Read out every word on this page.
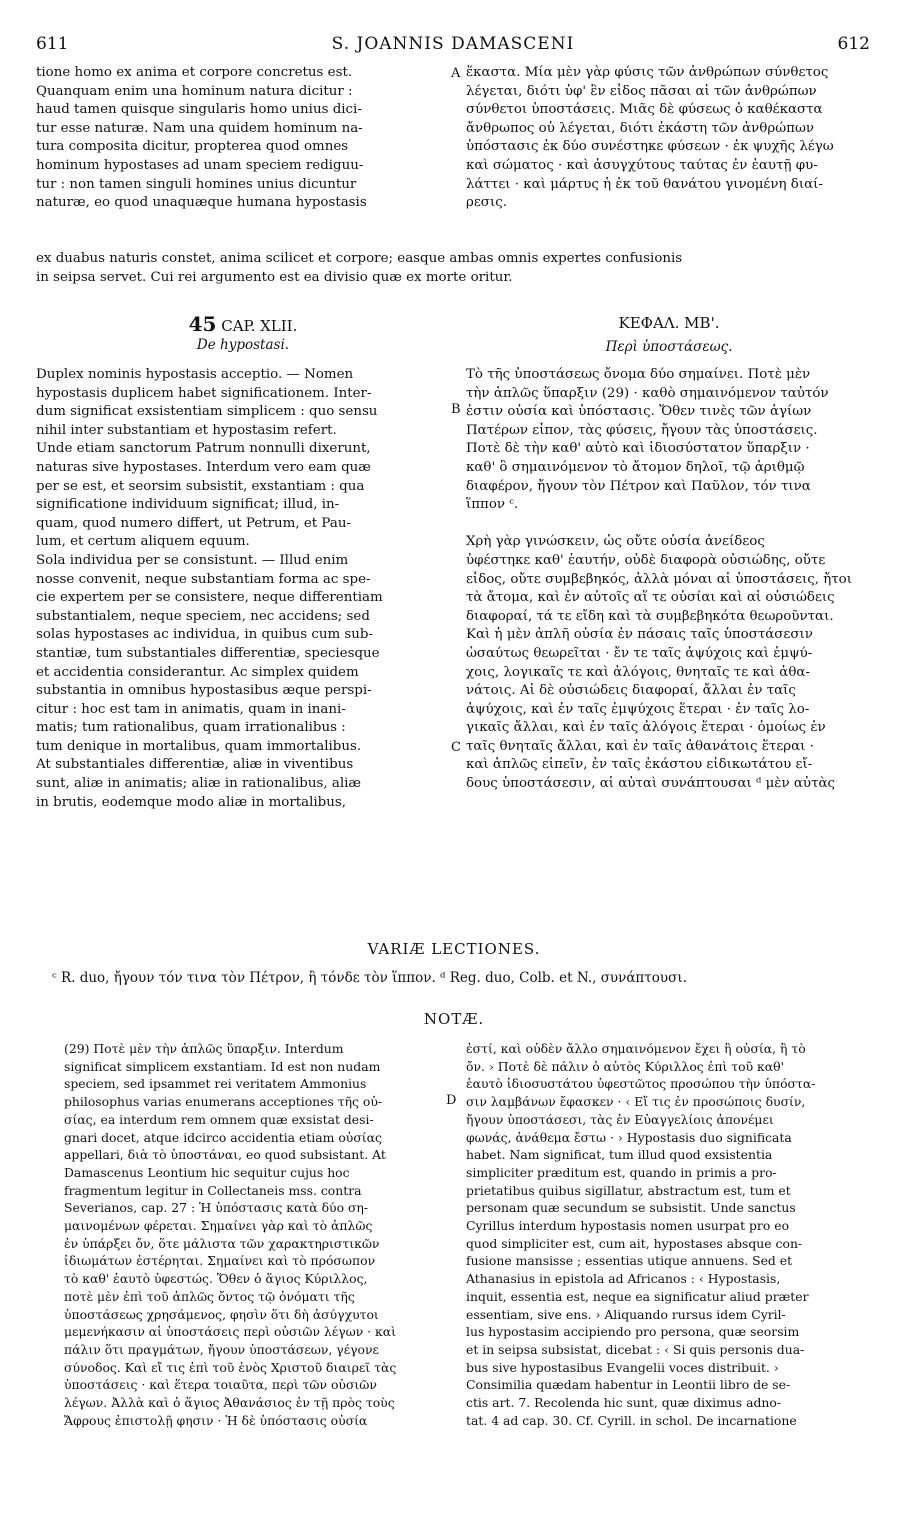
611	S. JOANNIS DAMASCENI	612
tione homo ex anima et corpore concretus est.
Quanquam enim una hominum natura dicitur :
haud tamen quisque singularis homo unius dici-
tur esse naturæ. Nam una quidem hominum na-
tura composita dicitur, propterea quod omnes
hominum hypostases ad unam speciem rediguu-
tur : non tamen singuli homines unius dicuntur
naturæ, eo quod unaquæque humana hypostasis
ἕκαστα. Μία μὲν γὰρ φύσις τῶν ἀνθρώπων σύνθετος
λέγεται, διότι ὑφ' ἓν εἶδος πᾶσαι αἱ τῶν ἀνθρώπων
σύνθετοι ὑποστάσεις. Μιᾶς δὲ φύσεως ὁ καθέκαστα
ἄνθρωπος οὐ λέγεται, διότι ἑκάστη τῶν ἀνθρώπων
ὑπόστασις ἐκ δύο συνέστηκε φύσεων · ἐκ ψυχῆς λέγω
καὶ σώματος · καὶ ἀσυγχύτους ταύτας ἐν ἑαυτῇ φυ-
λάττει · καὶ μάρτυς ἡ ἐκ τοῦ θανάτου γινομένη διαί-
ρεσις.
A
ex duabus naturis constet, anima scilicet et corpore; easque ambas omnis expertes confusionis
in seipsa servet. Cui rei argumento est ea divisio quæ ex morte oritur.
45 CAP. XLII.
De hypostasi.
ΚΕΦΑΛ. ΜΒ'.
Περὶ ὑποστάσεως.
Duplex nominis hypostasis acceptio. — Nomen
hypostasis duplicem habet significationem. Inter-
dum significat exsistentiam simplicem : quo sensu
nihil inter substantiam et hypostasim refert.
Unde etiam sanctorum Patrum nonnulli dixerunt,
naturas sive hypostases. Interdum vero eam quæ
per se est, et seorsim subsistit, exstantiam : qua
significatione individuum significat; illud, in-
quam, quod numero differt, ut Petrum, et Pau-
lum, et certum aliquem equum.
Sola individua per se consistunt. — Illud enim
nosse convenit, neque substantiam forma ac spe-
cie expertem per se consistere, neque differentiam
substantialem, neque speciem, nec accidens; sed
solas hypostases ac individua, in quibus cum sub-
stantiæ, tum substantiales differentiæ, speciesque
et accidentia considerantur. Ac simplex quidem
substantia in omnibus hypostasibus æque perspi-
citur : hoc est tam in animatis, quam in inani-
matis; tum rationalibus, quam irrationalibus :
tum denique in mortalibus, quam immortalibus.
At substantiales differentiæ, aliæ in viventibus
sunt, aliæ in animatis; aliæ in rationalibus, aliæ
in brutis, eodemque modo aliæ in mortalibus,
Τὸ τῆς ὑποστάσεως ὄνομα δύο σημαίνει. Ποτὲ μὲν
τὴν ἁπλῶς ὕπαρξιν (29) · καθὸ σημαινόμενον ταὐτόν
ἐστιν οὐσία καὶ ὑπόστασις. Ὅθεν τινὲς τῶν ἁγίων
Πατέρων εἶπον, τὰς φύσεις, ἤγουν τὰς ὑποστάσεις.
Ποτὲ δὲ τὴν καθ' αὑτὸ καὶ ἰδιοσύστατον ὕπαρξιν ·
καθ' ὃ σημαινόμενον τὸ ἄτομον δηλοῖ, τῷ ἀριθμῷ
διαφέρον, ἤγουν τὸν Πέτρον καὶ Παῦλον, τόν τινα
ἵππον ᶜ.

Χρὴ γὰρ γινώσκειν, ὡς οὔτε οὐσία ἀνείδεος
ὑφέστηκε καθ' ἑαυτήν, οὐδὲ διαφορὰ οὐσιώδης, οὔτε
εἶδος, οὔτε συμβεβηκός, ἀλλὰ μόναι αἱ ὑποστάσεις, ἤτοι
τὰ ἄτομα, καὶ ἐν αὐτοῖς αἵ τε οὐσίαι καὶ αἱ οὐσιώδεις
διαφοραί, τά τε εἴδη καὶ τὰ συμβεβηκότα θεωροῦνται.
Καὶ ἡ μὲν ἁπλῆ οὐσία ἐν πάσαις ταῖς ὑποστάσεσιν
ὡσαύτως θεωρεῖται · ἔν τε ταῖς ἀψύχοις καὶ ἐμψύ-
χοις, λογικαῖς τε καὶ ἀλόγοις, θνηταῖς τε καὶ ἀθα-
νάτοις. Αἱ δὲ οὐσιώδεις διαφοραί, ἄλλαι ἐν ταῖς
ἀψύχοις, καὶ ἐν ταῖς ἐμψύχοις ἕτεραι · ἐν ταῖς λο-
γικαῖς ἄλλαι, καὶ ἐν ταῖς ἀλόγοις ἕτεραι · ὁμοίως ἐν
ταῖς θνηταῖς ἄλλαι, καὶ ἐν ταῖς ἀθανάτοις ἕτεραι ·
καὶ ἁπλῶς εἰπεῖν, ἐν ταῖς ἑκάστου εἰδικωτάτου εἴ-
δους ὑποστάσεσιν, αἱ αὐταὶ συνάπτουσαι ᵈ μὲν αὐτὰς
B
C
VARIÆ LECTIONES.
ᶜ R. duo, ἤγουν τόν τινα τὸν Πέτρον, ἢ τόνδε τὸν ἵππον. ᵈ Reg. duo, Colb. et N., συνάπτουσι.
NOTÆ.
(29) Ποτὲ μὲν τὴν ἁπλῶς ὕπαρξιν. Interdum
significat simplicem exstantiam. Id est non nudam
speciem, sed ipsammet rei veritatem Ammonius
philosophus varias enumerans acceptiones τῆς οὐ-
σίας, ea interdum rem omnem quæ exsistat desi-
gnari docet, atque idcirco accidentia etiam οὐσίας
appellari, διὰ τὸ ὑποστάναι, eo quod subsistant. At
Damascenus Leontium hic sequitur cujus hoc
fragmentum legitur in Collectaneis mss. contra
Severianos, cap. 27 : Ἡ ὑπόστασις κατὰ δύο ση-
μαινομένων φέρεται. Σημαίνει γὰρ καὶ τὸ ἁπλῶς
ἐν ὑπάρξει ὄν, ὅτε μάλιστα τῶν χαρακτηριστικῶν
ἰδιωμάτων ἐστέρηται. Σημαίνει καὶ τὸ πρόσωπον
τὸ καθ' ἑαυτὸ ὑφεστώς. Ὅθεν ὁ ἅγιος Κύριλλος,
ποτὲ μὲν ἐπὶ τοῦ ἁπλῶς ὄντος τῷ ὀνόματι τῆς
ὑποστάσεως χρησάμενος, φησὶν ὅτι δὴ ἀσύγχυτοι
μεμενήκασιν αἱ ὑποστάσεις περὶ οὐσιῶν λέγων · καὶ
πάλιν ὅτι πραγμάτων, ἤγουν ὑποστάσεων, γέγονε
σύνοδος. Καὶ εἴ τις ἐπὶ τοῦ ἑνὸς Χριστοῦ διαιρεῖ τὰς
ὑποστάσεις · καὶ ἕτερα τοιαῦτα, περὶ τῶν οὐσιῶν
λέγων. Ἀλλὰ καὶ ὁ ἅγιος Ἀθανάσιος ἐν τῇ πρὸς τοὺς
Ἄφρους ἐπιστολῇ φησιν · Ἡ δὲ ὑπόστασις οὐσία
ἐστί, καὶ οὐδὲν ἄλλο σημαινόμενον ἔχει ἢ οὐσία, ἢ τὸ
ὄν. › Ποτὲ δὲ πάλιν ὁ αὐτὸς Κύριλλος ἐπὶ τοῦ καθ'
ἑαυτὸ ἰδιοσυστάτου ὑφεστῶτος προσώπου τὴν ὑπόστα-
σιν λαμβάνων ἔφασκεν · ‹ Εἴ τις ἐν προσώποις δυσίν,
ἤγουν ὑποστάσεσι, τὰς ἐν Εὐαγγελίοις ἀπονέμει
φωνάς, ἀνάθεμα ἔστω · › Hypostasis duo significata
habet. Nam significat, tum illud quod exsistentia
simpliciter præditum est, quando in primis a pro-
prietatibus quibus sigillatur, abstractum est, tum et
personam quæ secundum se subsistit. Unde sanctus
Cyrillus interdum hypostasis nomen usurpat pro eo
quod simpliciter est, cum ait, hypostases absque con-
fusione mansisse ; essentias utique annuens. Sed et
Athanasius in epistola ad Africanos : ‹ Hypostasis,
inquit, essentia est, neque ea significatur aliud præter
essentiam, sive ens. › Aliquando rursus idem Cyril-
lus hypostasim accipiendo pro persona, quæ seorsim
et in seipsa subsistat, dicebat : ‹ Si quis personis dua-
bus sive hypostasibus Evangelii voces distribuit. ›
Consimilia quædam habentur in Leontii libro de se-
ctis art. 7. Recolenda hic sunt, quæ diximus adno-
tat. 4 ad cap. 30. Cf. Cyrill. in schol. De incarnatione
D
